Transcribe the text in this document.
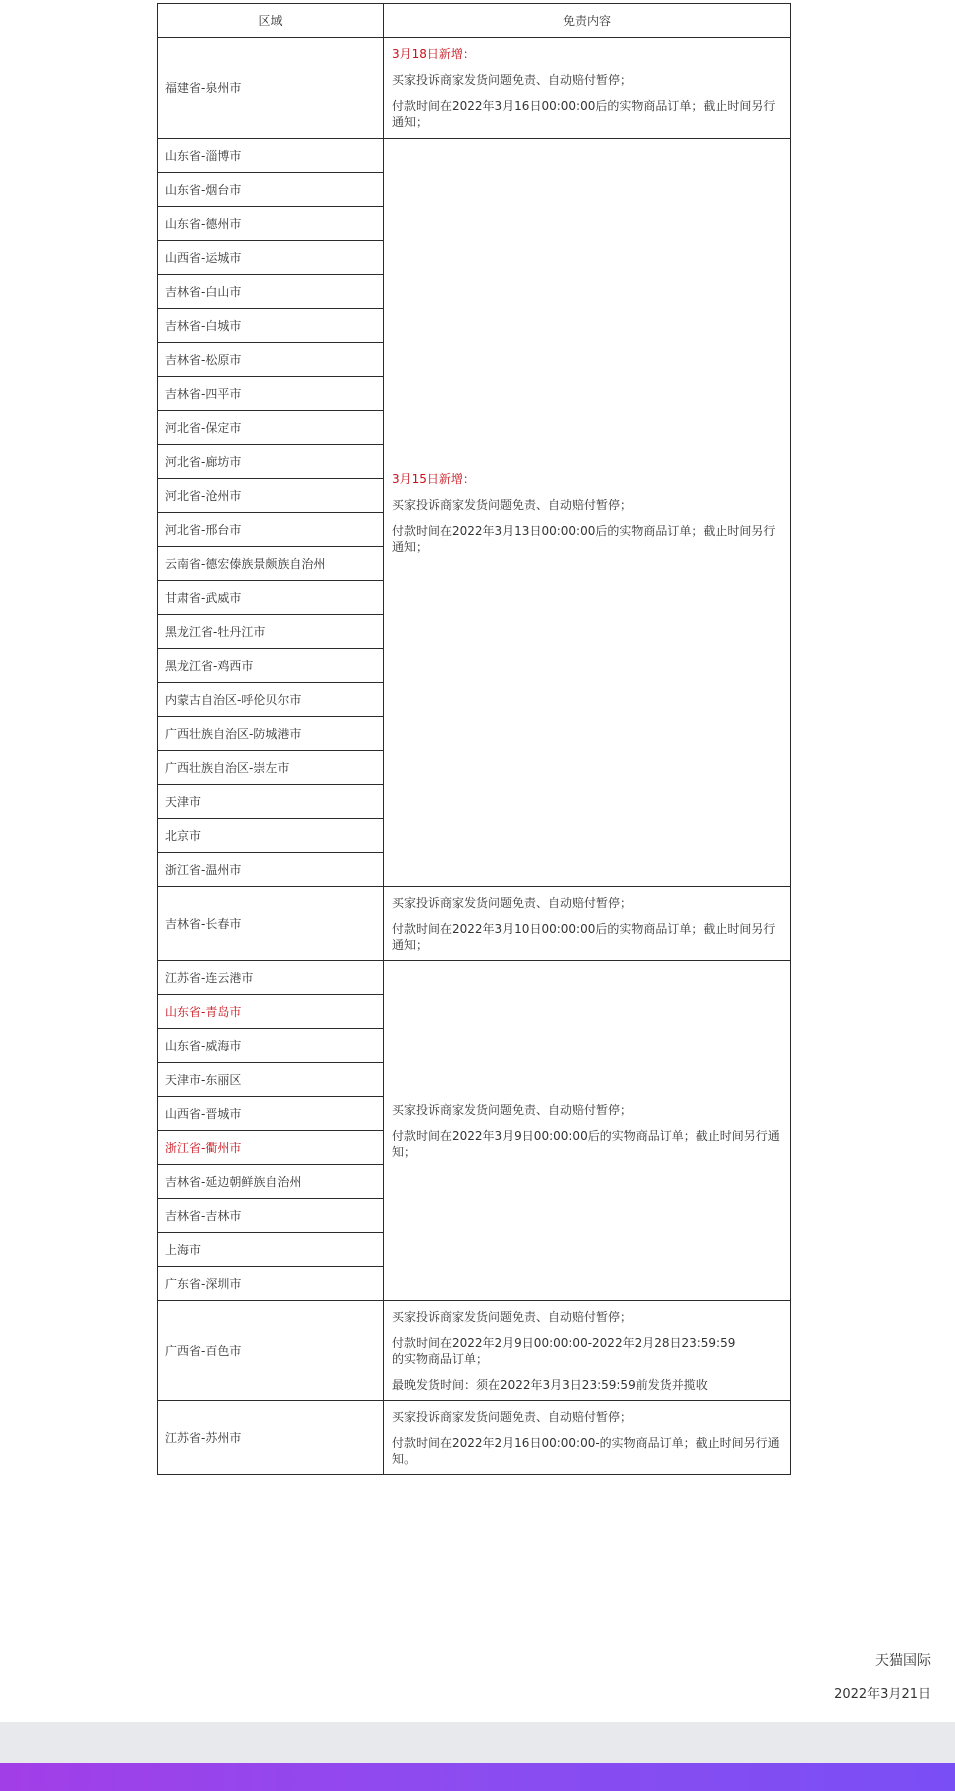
区域	免责内容
福建省-泉州市	3月18日新增：

买家投诉商家发货问题免责、自动赔付暂停；

付款时间在2022年3月16日00:00:00后的实物商品订单；截止时间另行通知；

山东省-淄博市	3月15日新增：

买家投诉商家发货问题免责、自动赔付暂停；

付款时间在2022年3月13日00:00:00后的实物商品订单；截止时间另行通知；

山东省-烟台市	
山东省-德州市	
山西省-运城市	
吉林省-白山市	
吉林省-白城市	
吉林省-松原市	
吉林省-四平市	
河北省-保定市	
河北省-廊坊市	
河北省-沧州市	
河北省-邢台市	
云南省-德宏傣族景颇族自治州	
甘肃省-武威市	
黑龙江省-牡丹江市	
黑龙江省-鸡西市	
内蒙古自治区-呼伦贝尔市	
广西壮族自治区-防城港市	
广西壮族自治区-崇左市	
天津市	
北京市	
浙江省-温州市	
吉林省-长春市	买家投诉商家发货问题免责、自动赔付暂停；

付款时间在2022年3月10日00:00:00后的实物商品订单；截止时间另行通知；

江苏省-连云港市	买家投诉商家发货问题免责、自动赔付暂停；

付款时间在2022年3月9日00:00:00后的实物商品订单；截止时间另行通知；

山东省-青岛市	
山东省-威海市	
天津市-东丽区	
山西省-晋城市	
浙江省-衢州市	
吉林省-延边朝鲜族自治州	
吉林省-吉林市	
上海市	
广东省-深圳市	
广西省-百色市	买家投诉商家发货问题免责、自动赔付暂停；

付款时间在2022年2月9日00:00:00-2022年2月28日23:59:59
的实物商品订单；

最晚发货时间：须在2022年3月3日23:59:59前发货并揽收

江苏省-苏州市	买家投诉商家发货问题免责、自动赔付暂停；

付款时间在2022年2月16日00:00:00-的实物商品订单；截止时间另行通知。

天猫国际
2022年3月21日
